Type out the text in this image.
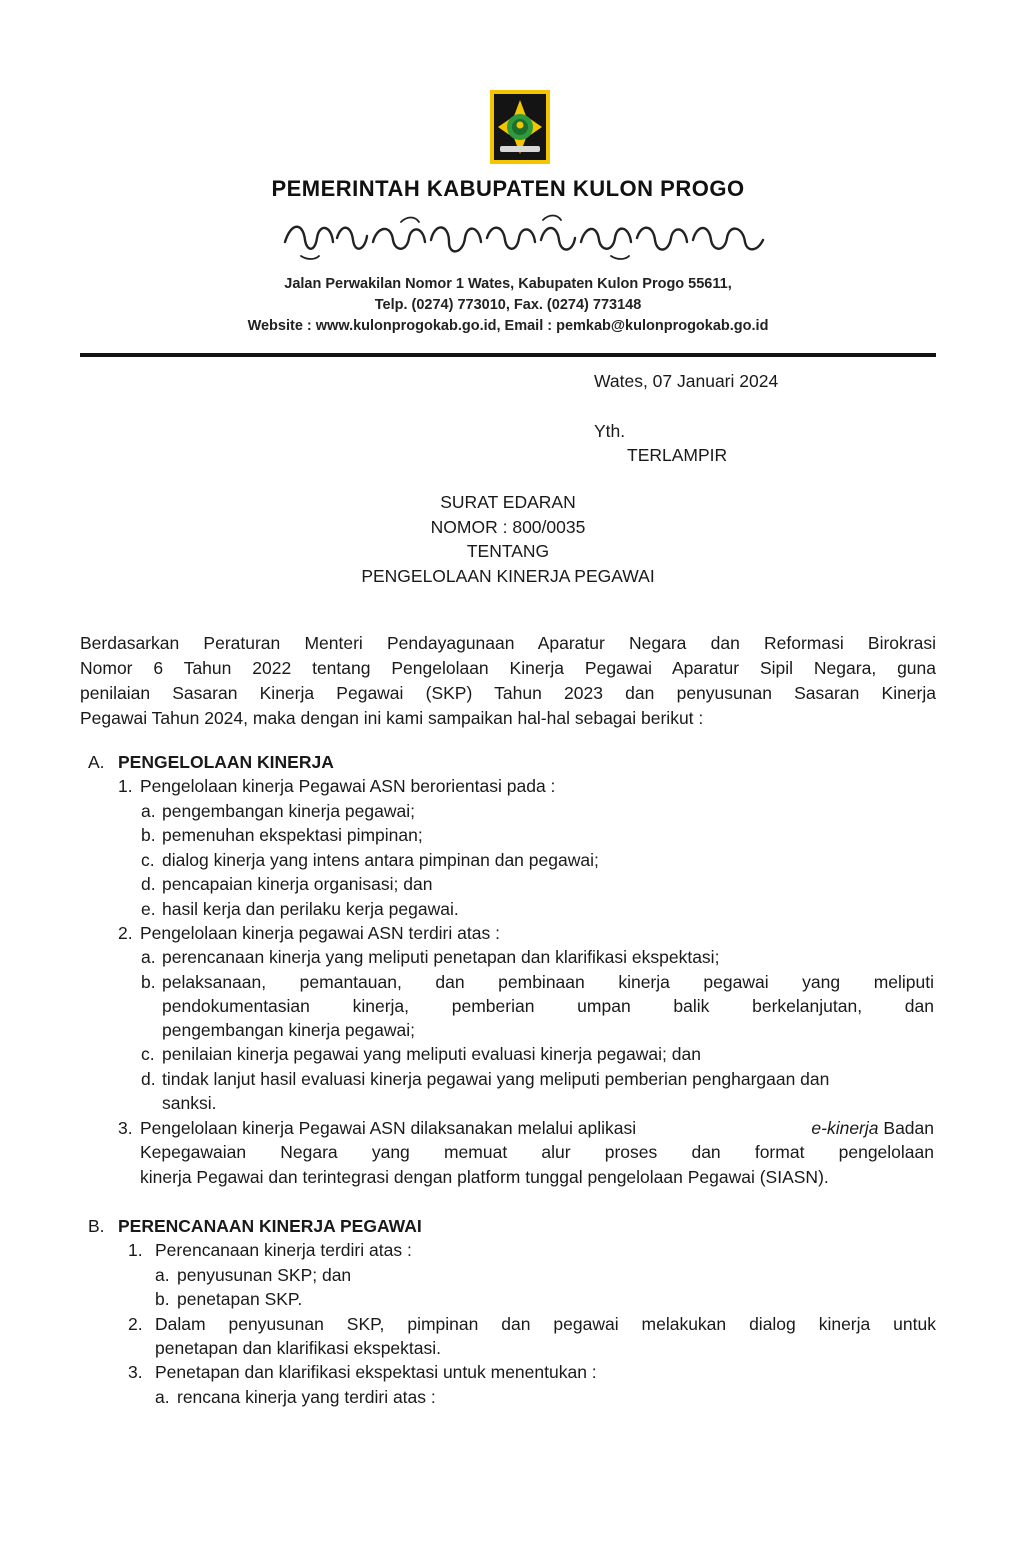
PEMERINTAH KABUPATEN KULON PROGO
Jalan Perwakilan Nomor 1 Wates, Kabupaten Kulon Progo 55611,
Telp. (0274) 773010, Fax. (0274) 773148
Website : www.kulonprogokab.go.id, Email : pemkab@kulonprogokab.go.id
Wates, 07 Januari 2024
Yth.
TERLAMPIR
SURAT EDARAN
NOMOR : 800/0035
TENTANG
PENGELOLAAN KINERJA PEGAWAI
Berdasarkan Peraturan Menteri Pendayagunaan Aparatur Negara dan Reformasi Birokrasi
Nomor 6 Tahun 2022 tentang Pengelolaan Kinerja Pegawai Aparatur Sipil Negara, guna
penilaian Sasaran Kinerja Pegawai (SKP) Tahun 2023 dan penyusunan Sasaran Kinerja
Pegawai Tahun 2024, maka dengan ini kami sampaikan hal-hal sebagai berikut :
A. PENGELOLAAN KINERJA
1. Pengelolaan kinerja Pegawai ASN berorientasi pada :
a. pengembangan kinerja pegawai;
b. pemenuhan ekspektasi pimpinan;
c. dialog kinerja yang intens antara pimpinan dan pegawai;
d. pencapaian kinerja organisasi; dan
e. hasil kerja dan perilaku kerja pegawai.
2. Pengelolaan kinerja pegawai ASN terdiri atas :
a. perencanaan kinerja yang meliputi penetapan dan klarifikasi ekspektasi;
b. pelaksanaan, pemantauan, dan pembinaan kinerja pegawai yang meliputi
pendokumentasian kinerja, pemberian umpan balik berkelanjutan, dan
pengembangan kinerja pegawai;
c. penilaian kinerja pegawai yang meliputi evaluasi kinerja pegawai; dan
d. tindak lanjut hasil evaluasi kinerja pegawai yang meliputi pemberian penghargaan dan
sanksi.
3. Pengelolaan kinerja Pegawai ASN dilaksanakan melalui aplikasi	e-kinerja Badan
Kepegawaian Negara yang memuat alur proses dan format pengelolaan
kinerja Pegawai dan terintegrasi dengan platform tunggal pengelolaan Pegawai (SIASN).
B. PERENCANAAN KINERJA PEGAWAI
1. Perencanaan kinerja terdiri atas :
a. penyusunan SKP; dan
b. penetapan SKP.
2. Dalam penyusunan SKP, pimpinan dan pegawai melakukan dialog kinerja untuk
penetapan dan klarifikasi ekspektasi.
3. Penetapan dan klarifikasi ekspektasi untuk menentukan :
a. rencana kinerja yang terdiri atas :
